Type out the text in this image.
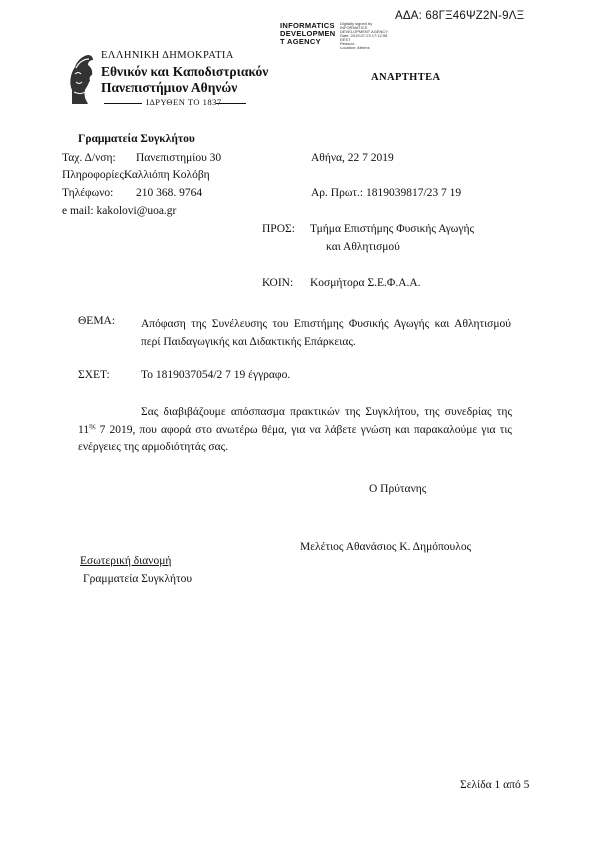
ΑΔΑ: 68ΓΞ46ΨΖ2Ν-9ΛΞ
INFORMATICS
DEVELOPMEN
T AGENCY
Digitally signed by
INFORMATICS
DEVELOPMENT AGENCY
Date: 2019.07.23 17:12:55
EEST
Reason:
Location: Athens
ΕΛΛΗΝΙΚΗ ΔΗΜΟΚΡΑΤΙΑ
Εθνικόν και Καποδιστριακόν
Πανεπιστήμιον Αθηνών
ΙΔΡΥΘΕΝ ΤΟ 1837
ΑΝΑΡΤΗΤΕΑ
Γραμματεία Συγκλήτου
Ταχ. Δ/νση: Πανεπιστημίου 30
Πληροφορίες:
Καλλιόπη Κολόβη
Τηλέφωνο: 210 368. 9764
e mail: kakolovi@uoa.gr
Αθήνα, 22 7 2019
Αρ. Πρωτ.: 1819039817/23 7 19
ΠΡΟΣ: Τμήμα Επιστήμης Φυσικής Αγωγής
και Αθλητισμού
ΚΟΙΝ: Κοσμήτορα Σ.Ε.Φ.Α.Α.
ΘΕΜΑ: Απόφαση της Συνέλευσης του Επιστήμης Φυσικής Αγωγής και Αθλητισμού περί Παιδαγωγικής και Διδακτικής Επάρκειας.
ΣΧΕΤ:	Το 1819037054/2 7 19 έγγραφο.
Σας διαβιβάζουμε απόσπασμα πρακτικών της Συγκλήτου, της συνεδρίας της $11^{\eta\varsigma}$ 7 2019, που αφορά στο ανωτέρω θέμα, για να λάβετε γνώση και παρακαλούμε για τις ενέργειες της αρμοδιότητάς σας.
Ο Πρύτανης
Μελέτιος Αθανάσιος Κ. Δημόπουλος
Εσωτερική διανομή
Γραμματεία Συγκλήτου
Σελίδα 1 από 5
